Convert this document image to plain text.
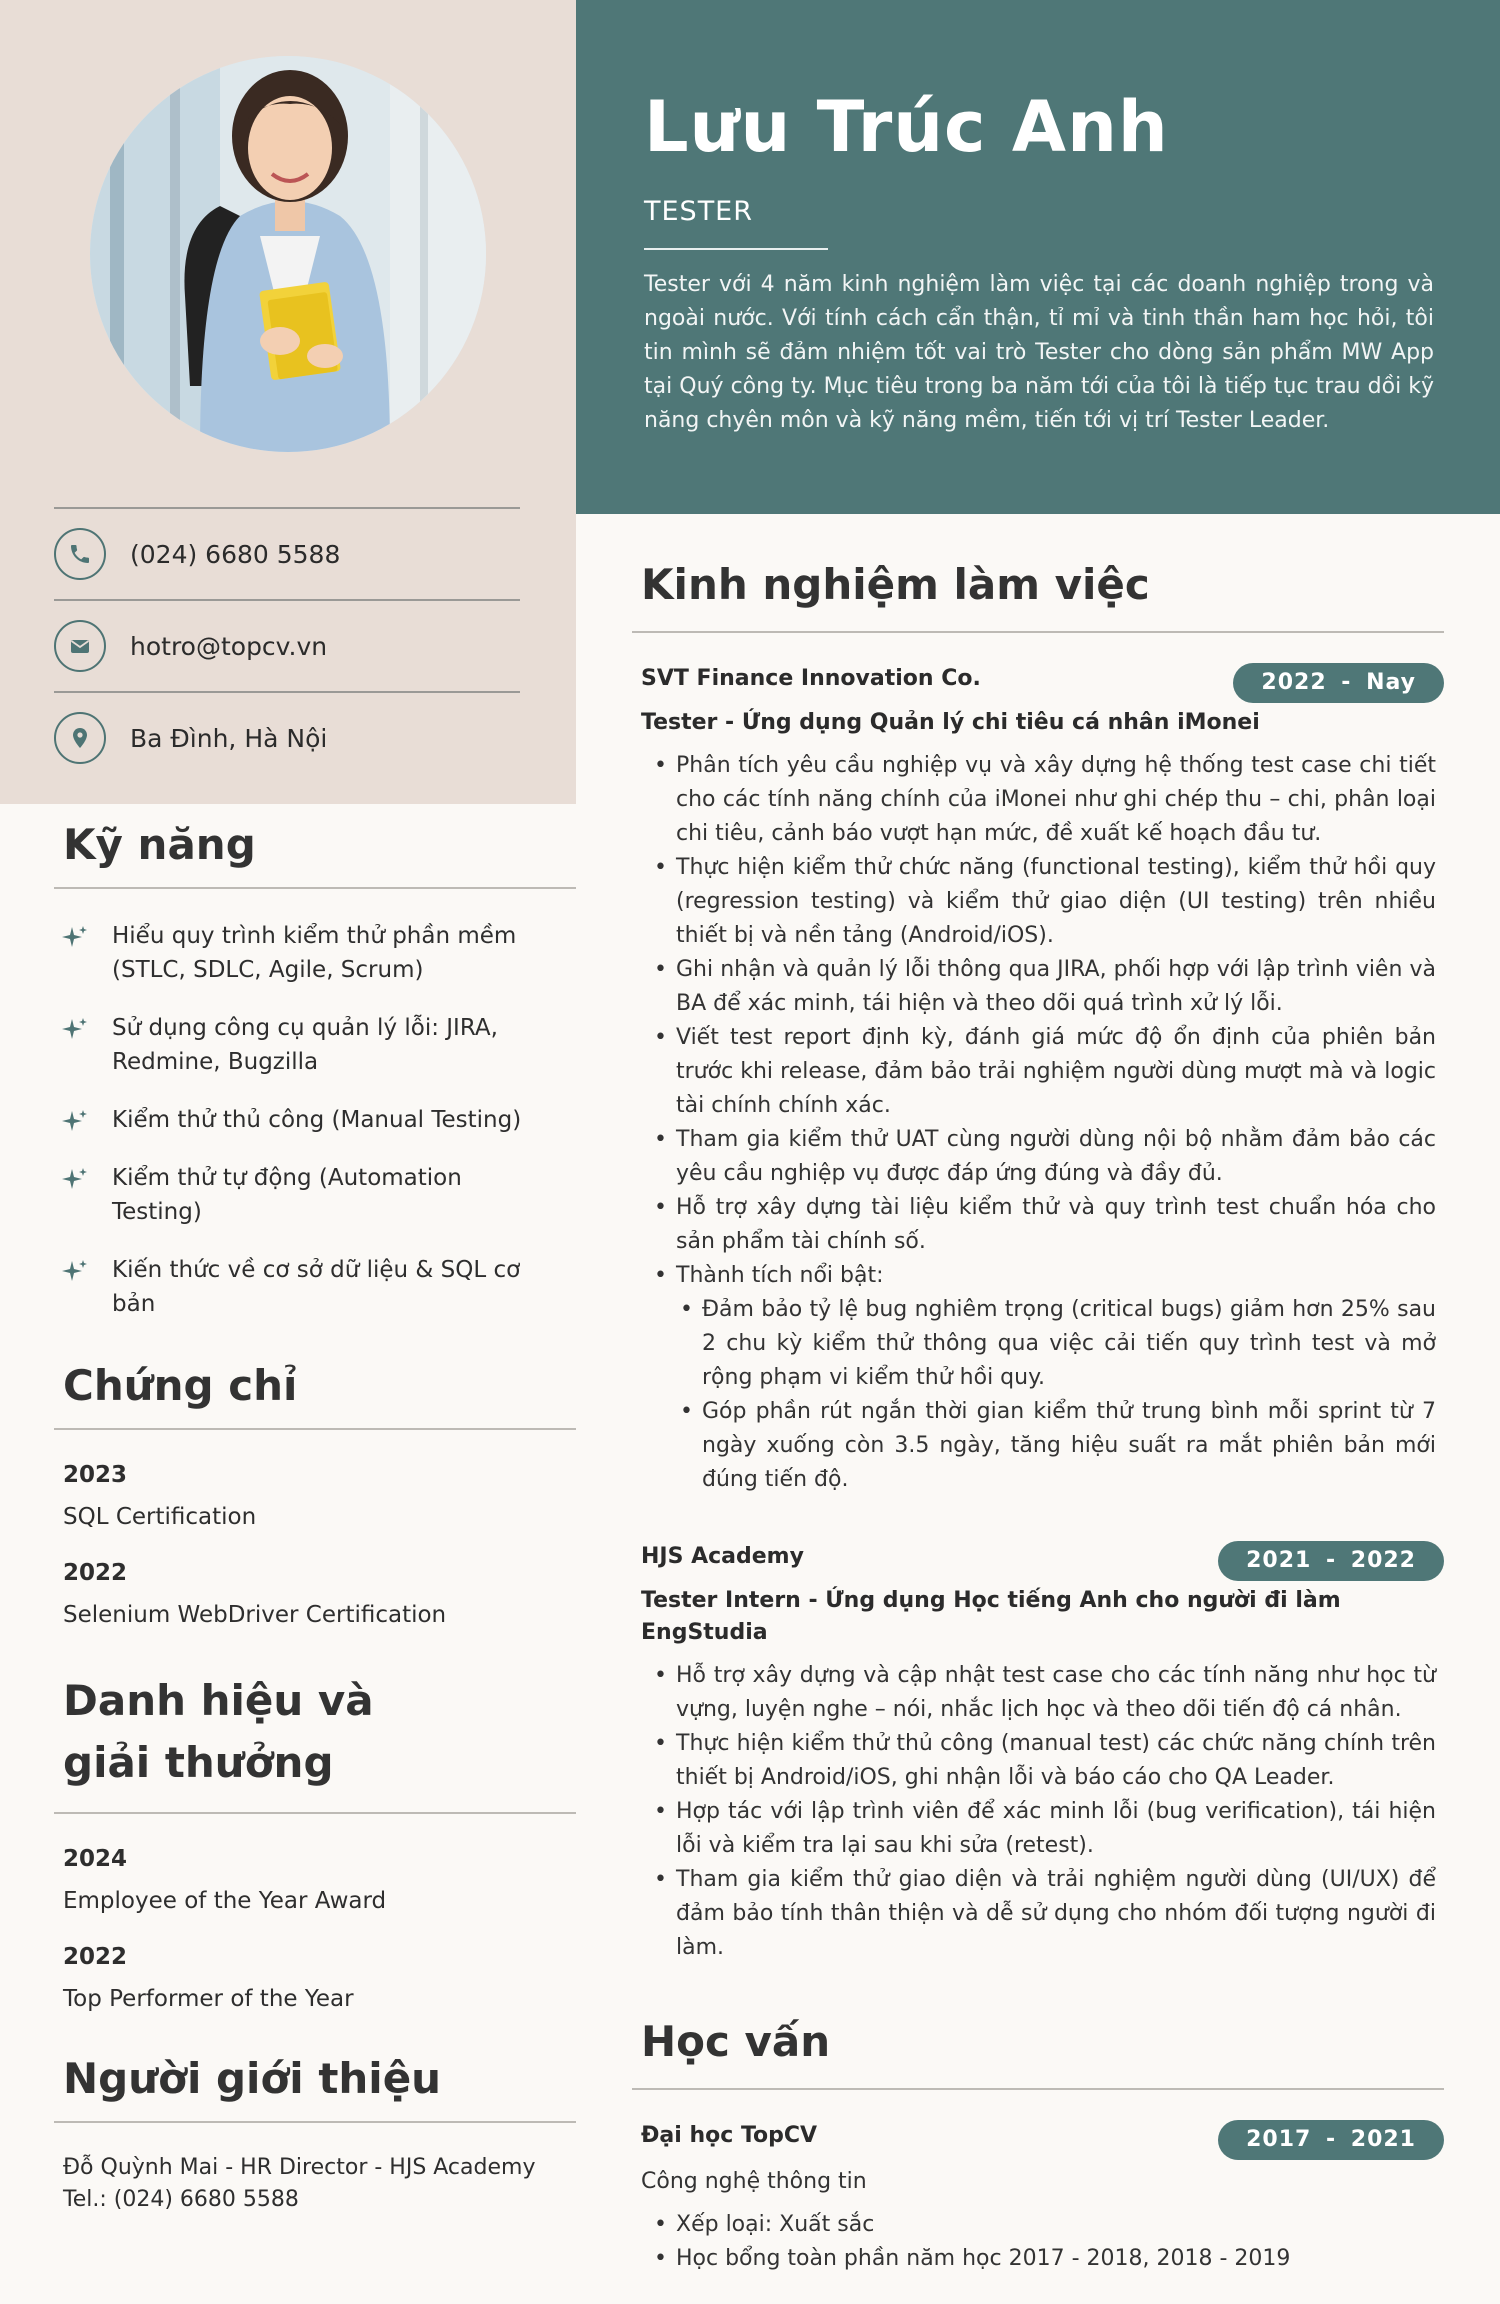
(024) 6680 5588
hotro@topcv.vn
Ba Đình, Hà Nội
Kỹ năng
Hiểu quy trình kiểm thử phần mềm (STLC, SDLC, Agile, Scrum)
Sử dụng công cụ quản lý lỗi: JIRA, Redmine, Bugzilla
Kiểm thử thủ công (Manual Testing)
Kiểm thử tự động (Automation Testing)
Kiến thức về cơ sở dữ liệu & SQL cơ bản
Chứng chỉ
2023
SQL Certification
2022
Selenium WebDriver Certification
Danh hiệu và giải thưởng
2024
Employee of the Year Award
2022
Top Performer of the Year
Người giới thiệu
Đỗ Quỳnh Mai - HR Director - HJS Academy
Tel.: (024) 6680 5588
Lưu Trúc Anh
TESTER

Tester với 4 năm kinh nghiệm làm việc tại các doanh nghiệp trong và ngoài nước. Với tính cách cẩn thận, tỉ mỉ và tinh thần ham học hỏi, tôi tin mình sẽ đảm nhiệm tốt vai trò Tester cho dòng sản phẩm MW App tại Quý công ty. Mục tiêu trong ba năm tới của tôi là tiếp tục trau dồi kỹ năng chyên môn và kỹ năng mềm, tiến tới vị trí Tester Leader.

Kinh nghiệm làm việc
SVT Finance Innovation Co.	2022 - Nay
Tester - Ứng dụng Quản lý chi tiêu cá nhân iMonei
• Phân tích yêu cầu nghiệp vụ và xây dựng hệ thống test case chi tiết cho các tính năng chính của iMonei như ghi chép thu – chi, phân loại chi tiêu, cảnh báo vượt hạn mức, đề xuất kế hoạch đầu tư.
• Thực hiện kiểm thử chức năng (functional testing), kiểm thử hồi quy (regression testing) và kiểm thử giao diện (UI testing) trên nhiều thiết bị và nền tảng (Android/iOS).
• Ghi nhận và quản lý lỗi thông qua JIRA, phối hợp với lập trình viên và BA để xác minh, tái hiện và theo dõi quá trình xử lý lỗi.
• Viết test report định kỳ, đánh giá mức độ ổn định của phiên bản trước khi release, đảm bảo trải nghiệm người dùng mượt mà và logic tài chính chính xác.
• Tham gia kiểm thử UAT cùng người dùng nội bộ nhằm đảm bảo các yêu cầu nghiệp vụ được đáp ứng đúng và đầy đủ.
• Hỗ trợ xây dựng tài liệu kiểm thử và quy trình test chuẩn hóa cho sản phẩm tài chính số.
• Thành tích nổi bật:
• Đảm bảo tỷ lệ bug nghiêm trọng (critical bugs) giảm hơn 25% sau 2 chu kỳ kiểm thử thông qua việc cải tiến quy trình test và mở rộng phạm vi kiểm thử hồi quy.
• Góp phần rút ngắn thời gian kiểm thử trung bình mỗi sprint từ 7 ngày xuống còn 3.5 ngày, tăng hiệu suất ra mắt phiên bản mới đúng tiến độ.
HJS Academy	2021 - 2022
Tester Intern - Ứng dụng Học tiếng Anh cho người đi làm EngStudia
• Hỗ trợ xây dựng và cập nhật test case cho các tính năng như học từ vựng, luyện nghe – nói, nhắc lịch học và theo dõi tiến độ cá nhân.
• Thực hiện kiểm thử thủ công (manual test) các chức năng chính trên thiết bị Android/iOS, ghi nhận lỗi và báo cáo cho QA Leader.
• Hợp tác với lập trình viên để xác minh lỗi (bug verification), tái hiện lỗi và kiểm tra lại sau khi sửa (retest).
• Tham gia kiểm thử giao diện và trải nghiệm người dùng (UI/UX) để đảm bảo tính thân thiện và dễ sử dụng cho nhóm đối tượng người đi làm.
Học vấn
Đại học TopCV	2017 - 2021
Công nghệ thông tin
• Xếp loại: Xuất sắc
• Học bổng toàn phần năm học 2017 - 2018, 2018 - 2019
